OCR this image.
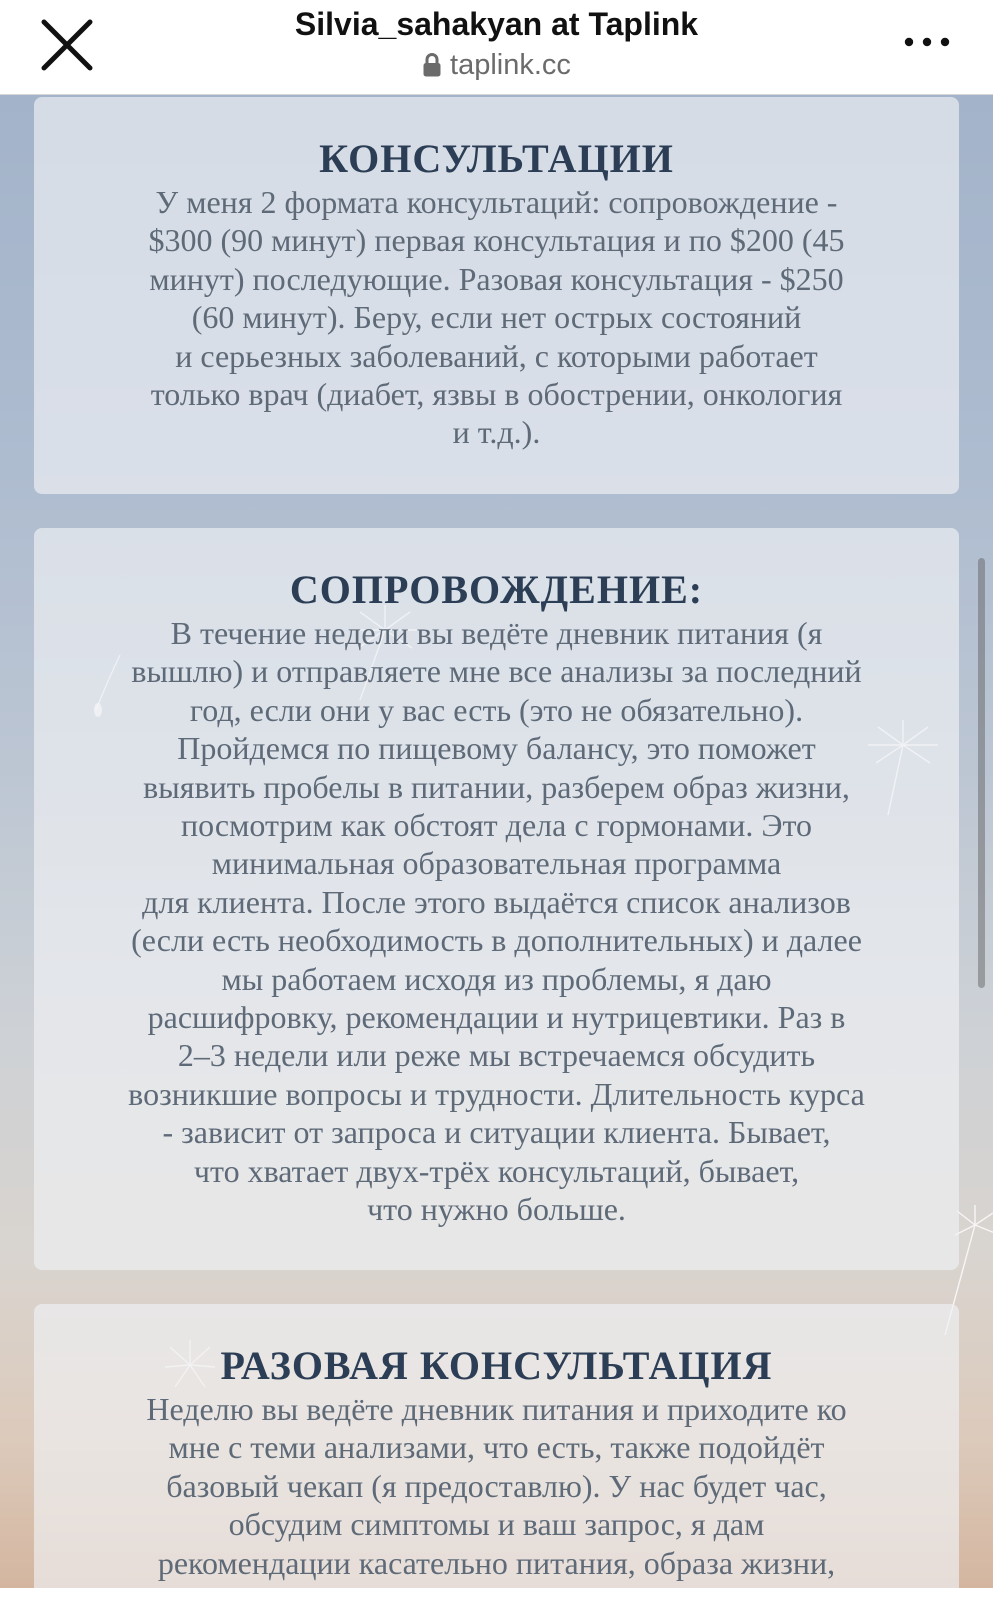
Silvia_sahakyan at Taplink
taplink.cc
КОНСУЛЬТАЦИИ

У меня 2 формата консультаций: сопровождение -
$300 (90 минут) первая консультация и по $200 (45
минут) последующие. Разовая консультация - $250
(60 минут). Беру, если нет острых состояний
и серьезных заболеваний, с которыми работает
только врач (диабет, язвы в обострении, онкология
и т.д.).

СОПРОВОЖДЕНИЕ:

В течение недели вы ведёте дневник питания (я
вышлю) и отправляете мне все анализы за последний
год, если они у вас есть (это не обязательно).
Пройдемся по пищевому балансу, это поможет
выявить пробелы в питании, разберем образ жизни,
посмотрим как обстоят дела с гормонами. Это
минимальная образовательная программа
для клиента. После этого выдаётся список анализов
(если есть необходимость в дополнительных) и далее
мы работаем исходя из проблемы, я даю
расшифровку, рекомендации и нутрицевтики. Раз в
2–3 недели или реже мы встречаемся обсудить
возникшие вопросы и трудности. Длительность курса
- зависит от запроса и ситуации клиента. Бывает,
что хватает двух-трёх консультаций, бывает,
что нужно больше.

РАЗОВАЯ КОНСУЛЬТАЦИЯ

Неделю вы ведёте дневник питания и приходите ко
мне с теми анализами, что есть, также подойдёт
базовый чекап (я предоставлю). У нас будет час,
обсудим симптомы и ваш запрос, я дам
рекомендации касательно питания, образа жизни,
